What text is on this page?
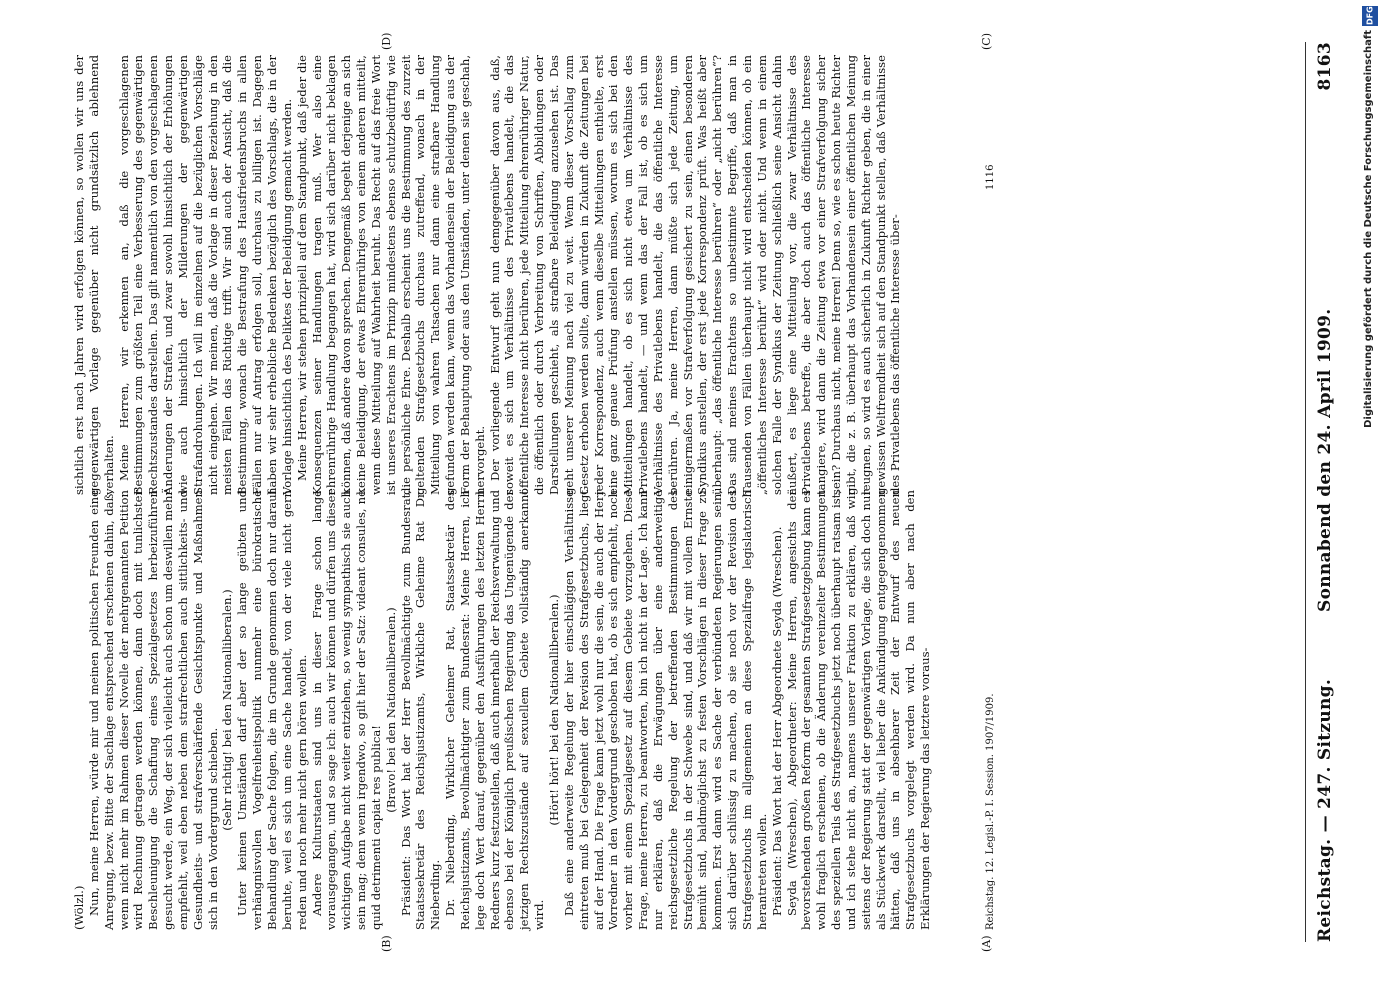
Reichstag. — 247. Sitzung.
Sonnabend den 24. April 1909.
8163
(A)
(B)
(C)
(D)

(Wölzl.) Nun, meine Herren, würde mir und meinen politischen Freunden eine Anregung, bezw. Bitte der Sachlage entsprechend erscheinen dahin, daß, wenn nicht mehr im Rahmen dieser Novelle der mehrgenannten Petition wird Rechnung getragen werden können, dann doch mit tunlichster Beschleunigung die Schaffung eines Spezialgesetzes herbeizuführen gesucht werde, ein Weg, der sich vielleicht auch schon um deswillen mehr empfiehlt, weil eben neben dem strafrechtlichen auch sittlichkeits- und Gesundheits- und strafverschärfende Gesichtspunkte und Maßnahmen sich in den Vordergrund schieben. (Sehr richtig! bei den Nationalliberalen.) Unter keinen Umständen darf aber der so lange geübten und verhängnisvollen Vogelfreiheitspolitik nunmehr eine bürokratische Behandlung der Sache folgen, die im Grunde genommen doch nur darauf beruhte, weil es sich um eine Sache handelt, von der viele nicht gern reden und noch mehr nicht gern hören wollen. Andere Kulturstaaten sind uns in dieser Frage schon lange vorausgegangen, und so sage ich: auch wir können und dürfen uns dieser wichtigen Aufgabe nicht weiter entziehen, so wenig sympathisch sie auch sein mag; denn wenn irgendwo, so gilt hier der Satz: videant consules, ne quid detrimenti capiat res publica!

(Bravo! bei den Nationalliberalen.) Präsident: Das Wort hat der Herr Bevollmächtigte zum Bundesrat, Staatssekretär des Reichsjustizamts, Wirkliche Geheime Rat Dr. Nieberding. Dr. Nieberding, Wirklicher Geheimer Rat, Staatssekretär des Reichsjustizamts, Bevollmächtigter zum Bundesrat: Meine Herren, ich lege doch Wert darauf, gegenüber den Ausführungen des letzten Herrn Redners kurz festzustellen, daß auch innerhalb der Reichsverwaltung und ebenso bei der Königlich preußischen Regierung das Ungenügende der jetzigen Rechtszustände auf sexuellem Gebiete vollständig anerkannt wird.

(Hört! hört! bei den Nationalliberalen.) Daß eine anderweite Regelung der hier einschlägigen Verhältnisse eintreten muß bei Gelegenheit der Revision des Strafgesetzbuchs, liegt auf der Hand. Die Frage kann jetzt wohl nur die sein, die auch der Herr Vorredner in den Vordergrund geschoben hat, ob es sich empfiehlt, noch vorher mit einem Spezialgesetz auf diesem Gebiete vorzugehen. Diese Frage, meine Herren, zu beantworten, bin ich nicht in der Lage. Ich kann nur erklären, daß die Erwägungen über eine anderweitige reichsgesetzliche Regelung der betreffenden Bestimmungen des Strafgesetzbuchs in der Schwebe sind, und daß wir mit vollem Ernste bemüht sind, baldmöglichst zu festen Vorschlägen in dieser Frage zu kommen. Erst dann wird es Sache der verbündeten Regierungen sein, sich darüber schlüssig zu machen, ob sie noch vor der Revision des Strafgesetzbuchs im allgemeinen an diese Spezialfrage legislatorisch herantreten wollen. Präsident: Das Wort hat der Herr Abgeordnete Seyda (Wreschen). Seyda (Wreschen), Abgeordneter: Meine Herren, angesichts der bevorstehenden großen Reform der gesamten Strafgesetzgebung kann es wohl fraglich erscheinen, ob die Änderung vereinzelter Bestimmungen des speziellen Teils des Strafgesetzbuchs jetzt noch überhaupt ratsam ist, und ich stehe nicht an, namens unserer Fraktion zu erklären, daß wir seitens der Regierung statt der gegenwärtigen Vorlage, die sich doch nur als Stückwerk darstellt, viel lieber die Ankündigung entgegengenommen hätten, daß uns in absehbarer Zeit der Entwurf des neuen Strafgesetzbuchs vorgelegt werden wird. Da nun aber nach den Erklärungen der Regierung das letztere voraus-

sichtlich erst nach Jahren wird erfolgen können, so wollen wir uns der gegenwärtigen Vorlage gegenüber nicht grundsätzlich ablehnend verhalten. Meine Herren, wir erkennen an, daß die vorgeschlagenen Bestimmungen zum größten Teil eine Verbesserung des gegenwärtigen Rechtszustandes darstellen. Das gilt namentlich von den vorgeschlagenen Änderungen der Strafen, und zwar sowohl hinsichtlich der Erhöhungen wie auch hinsichtlich der Milderungen der gegenwärtigen Strafandrohungen. Ich will im einzelnen auf die bezüglichen Vorschläge nicht eingehen. Wir meinen, daß die Vorlage in dieser Beziehung in den meisten Fällen das Richtige trifft. Wir sind auch der Ansicht, daß die Bestimmung, wonach die Bestrafung des Hausfriedensbruchs in allen Fällen nur auf Antrag erfolgen soll, durchaus zu billigen ist. Dagegen haben wir sehr erhebliche Bedenken bezüglich des Vorschlags, die in der Vorlage hinsichtlich des Deliktes der Beleidigung gemacht werden. Meine Herren, wir stehen prinzipiell auf dem Standpunkt, daß jeder die Konsequenzen seiner Handlungen tragen muß. Wer also eine ehrenrührige Handlung begangen hat, wird sich darüber nicht beklagen können, daß andere davon sprechen. Demgemäß begeht derjenige an sich keine Beleidigung, der etwas Ehrenrühriges von einem anderen mitteilt, wenn diese Mitteilung auf Wahrheit beruht. Das Recht auf das freie Wort ist unseres Erachtens im Prinzip mindestens ebenso schutzbedürftig wie die persönliche Ehre. Deshalb erscheint uns die Bestimmung des zurzeit geltenden Strafgesetzbuchs durchaus zutreffend, wonach in der Mitteilung von wahren Tatsachen nur dann eine strafbare Handlung gefunden werden kann, wenn das Vorhandensein der Beleidigung aus der Form der Behauptung oder aus den Umständen, unter denen sie geschah, hervorgeht. Der vorliegende Entwurf geht nun demgegenüber davon aus, daß, soweit es sich um Verhältnisse des Privatlebens handelt, die das öffentliche Interesse nicht berühren, jede Mitteilung ehrenrühriger Natur, die öffentlich oder durch Verbreitung von Schriften, Abbildungen oder Darstellungen geschieht, als strafbare Beleidigung anzusehen ist. Das geht unserer Meinung nach viel zu weit. Wenn dieser Vorschlag zum Gesetz erhoben werden sollte, dann würden in Zukunft die Zeitungen bei jeder Korrespondenz, auch wenn dieselbe Mitteilungen enthielte, erst eine ganz genaue Prüfung anstellen müssen, worum es sich bei den Mitteilungen handelt, ob es sich nicht etwa um Verhältnisse des Privatlebens handelt, — und wenn das der Fall ist, ob es sich um Verhältnisse des Privatlebens handelt, die das öffentliche Interesse berühren. Ja, meine Herren, dann müßte sich jede Zeitung, um einigermaßen vor Strafverfolgung gesichert zu sein, einen besonderen Syndikus anstellen, der erst jede Korrespondenz prüft. Was heißt aber überhaupt: „das öffentliche Interesse berühren“ oder „nicht berühren“? Das sind meines Erachtens so unbestimmte Begriffe, daß man in Tausenden von Fällen überhaupt nicht wird entscheiden können, ob ein „öffentliches Interesse berührt“ wird oder nicht. Und wenn in einem solchen Falle der Syndikus der Zeitung schließlich seine Ansicht dahin äußert, es liege eine Mitteilung vor, die zwar Verhältnisse des Privatlebens betreffe, die aber doch auch das öffentliche Interesse tangiere, wird dann die Zeitung etwa vor einer Strafverfolgung sicher sein? Durchaus nicht, meine Herren! Denn so, wie es schon heute Richter gibt, die z. B. überhaupt das Vorhandensein einer öffentlichen Meinung leugnen, so wird es auch sicherlich in Zukunft Richter geben, die in einer gewissen Weltfremdheit sich auf den Standpunkt stellen, daß Verhältnisse des Privatlebens das öffentliche Interesse über-

Reichstag. 12. Legisl.-P. I. Session. 1907/1909.
1116
DFG
Digitalisierung gefördert durch die Deutsche Forschungsgemeinschaft
